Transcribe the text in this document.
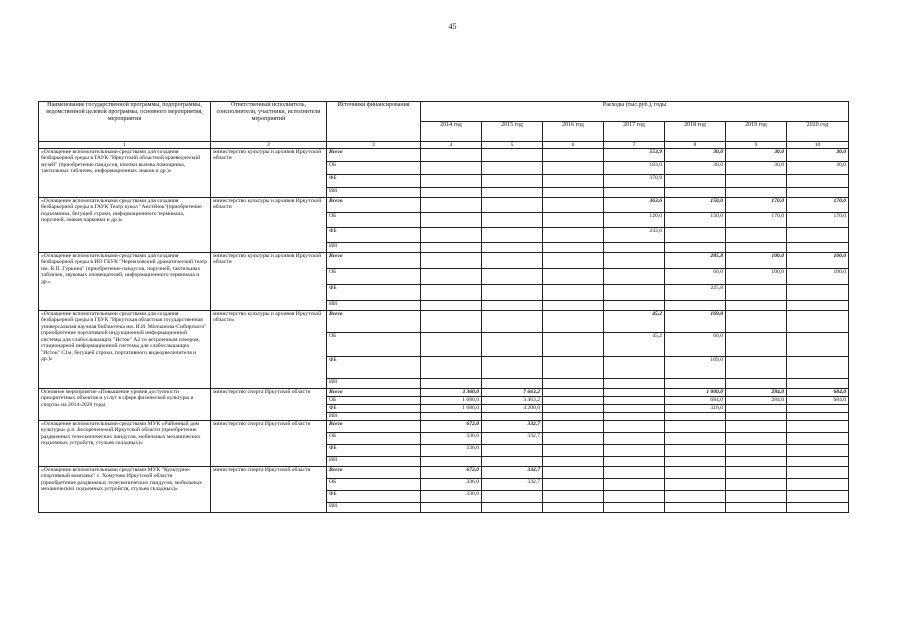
45
Наименование государственной программы, подпрограммы, ведомственной целевой программы, основного мероприятия, мероприятия	Ответственный исполнитель, соисполнители, участники, исполнители мероприятий	Источники финансирования	Расходы (тыс.руб.), годы						
			2014 год	2015 год	2016 год	2017 год	2018 год	2019 год	2020 год
1	2	3	4	5	6	7	8	9	10
«Оснащение вспомогательными средствами для создания безбарьерной среды в ГАУК "Иркутский областной краеведческий музей" (приобретение пандусов, кнопки вызова помощника, тактильных табличек, информационных знаков и др.)»	министерство культуры и архивов Иркутской области	Всего				553,9	30,0	30,0	30,0
		ОБ				183,0	30,0	30,0	30,0
		ФБ				370,9			
		ИИ							
«Оснащение вспомогательными средствами для создания безбарьерной среды в ГАУК Театр кукол "Аистёнок"(приобретение подъемника, бегущей строки, информационного терминала, поручней, знаков парковки и др.)»	министерство культуры и архивов Иркутской области	Всего				363,6	150,0	170,0	170,0
		ОБ				120,0	150,0	170,0	170,0
		ФБ				243,6			
		ИИ							
«Оснащение вспомогательными средствами для создания безбарьерной среды в ИО ГБУК "Черемховский драматический театр им. В.П. Гуркина" (приобретение пандусов, поручней, тактильных табличек, звуковых оповещателей, информационного терминала и др.»	министерство культуры и архивов Иркутской области	Всего					285,8	100,0	100,0
		ОБ					60,0	100,0	100,0
		ФБ					225,8		
		ИИ							
«Оснащение вспомогательными средствами для создания безбарьерной среды в ГБУК "Иркутская областная государственная универсальная научная библиотека им. И.И. Молчанова-Сибирского" (приобретение портативной индукционной информационной системы для слабослышащих "Исток" А2 со встроенным плеером, стационарной информационной системы для слабослышащих "Исток" С1м, бегущей строки, портативного видеоувеличителя и др.)»	министерство культуры и архивов Иркутской области»	Всего				45,2	169,0		
		ОБ				45,2	60,0		
		ФБ					109,0		
		ИИ							
Основное мероприятие «Повышение уровня доступности приоритетных объектов и услуг в сфере физической культуры и спорта» на 2014-2020 годы	министерство спорта Иркутской области	Всего	3 360,0	7 663,2			1 000,0	284,0	684,0
		ОБ	1 680,0	3 463,2			684,0	284,0	684,0
		ФБ	1 680,0	4 200,0			316,0		
		ИИ							
«Оснащение вспомогательными средствами МУК «Районный дом культуры» р.п. Белореченский Иркутской области (приобретение раздвижных телескопических пандусов, мобильных механических подъемных устройств, стульев складных)»	министерство спорта Иркутской области	Всего	672,0	332,7					
		ОБ	336,0	332,7					
		ФБ	336,0						
		ИИ							
«Оснащение вспомогательными средствами МУК "Культурно-спортивный комплекс" с. Хомутово Иркутской области (приобретение раздвижных телескопических пандусов, мобильных механических подъемных устройств, стульев складных)»	министерство спорта Иркутской области	Всего	672,0	332,7					
		ОБ	336,0	332,7					
		ФБ	336,0						
		ИИ							
